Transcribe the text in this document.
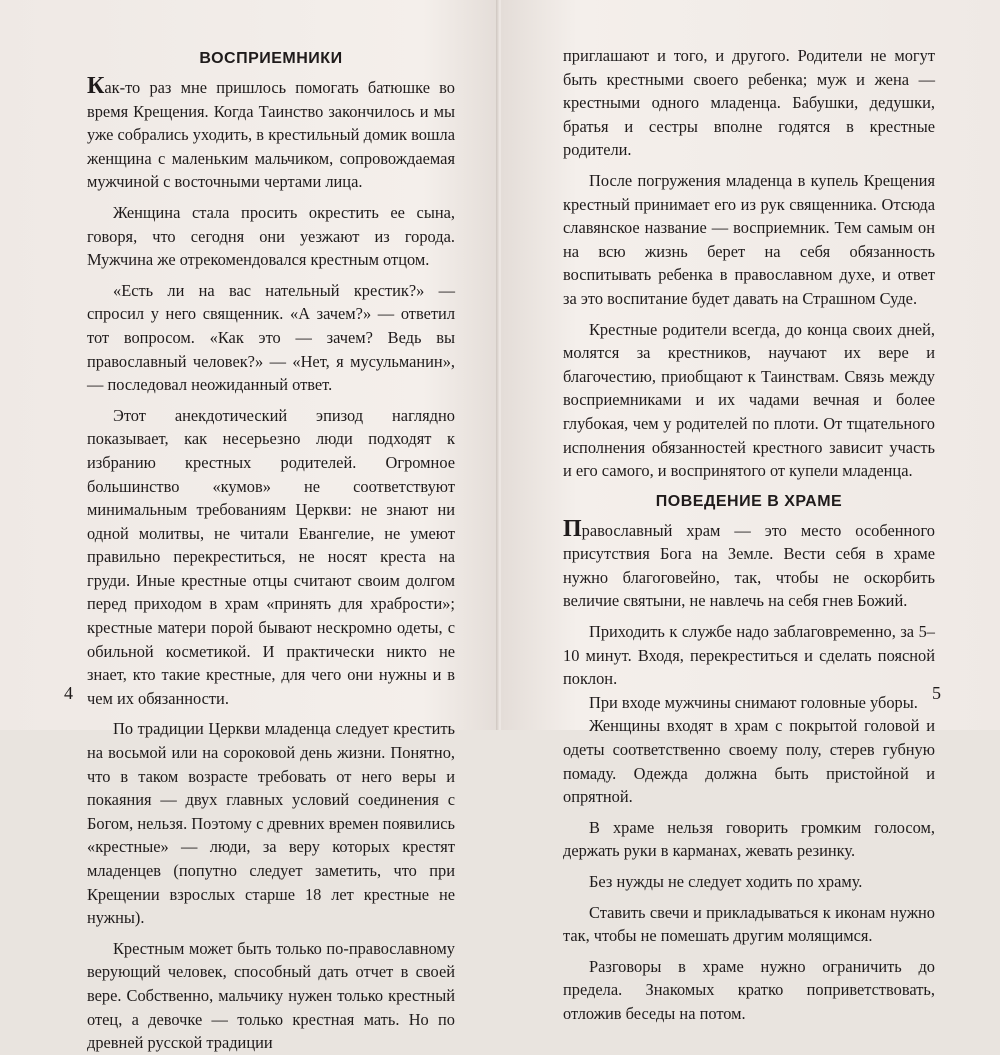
ВОСПРИЕМНИКИ

Как-то раз мне пришлось помогать батюшке во время Крещения. Когда Таинство закончилось и мы уже собрались уходить, в крестильный домик вошла женщина с маленьким мальчиком, сопровождаемая мужчиной с восточными чертами лица.

Женщина стала просить окрестить ее сына, говоря, что сегодня они уезжают из города. Мужчина же отрекомендовался крестным отцом.

«Есть ли на вас нательный крестик?» — спросил у него священник. «А зачем?» — ответил тот вопросом. «Как это — зачем? Ведь вы православный человек?» — «Нет, я мусульманин», — последовал неожиданный ответ.

Этот анекдотический эпизод наглядно показывает, как несерьезно люди подходят к избранию крестных родителей. Огромное большинство «кумов» не соответствуют минимальным требованиям Церкви: не знают ни одной молитвы, не читали Евангелие, не умеют правильно перекреститься, не носят креста на груди. Иные крестные отцы считают своим долгом перед приходом в храм «принять для храбрости»; крестные матери порой бывают нескромно одеты, с обильной косметикой. И практически никто не знает, кто такие крестные, для чего они нужны и в чем их обязанности.

По традиции Церкви младенца следует крестить на восьмой или на сороковой день жизни. Понятно, что в таком возрасте требовать от него веры и покаяния — двух главных условий соединения с Богом, нельзя. Поэтому с древних времен появились «крестные» — люди, за веру которых крестят младенцев (попутно следует заметить, что при Крещении взрослых старше 18 лет крестные не нужны).

Крестным может быть только по-православному верующий человек, способный дать отчет в своей вере. Собственно, мальчику нужен только крестный отец, а девочке — только крестная мать. Но по древней русской традиции

4

приглашают и того, и другого. Родители не могут быть крестными своего ребенка; муж и жена — крестными одного младенца. Бабушки, дедушки, братья и сестры вполне годятся в крестные родители.

После погружения младенца в купель Крещения крестный принимает его из рук священника. Отсюда славянское название — восприемник. Тем самым он на всю жизнь берет на себя обязанность воспитывать ребенка в православном духе, и ответ за это воспитание будет давать на Страшном Суде.

Крестные родители всегда, до конца своих дней, молятся за крестников, научают их вере и благочестию, приобщают к Таинствам. Связь между восприемниками и их чадами вечная и более глубокая, чем у родителей по плоти. От тщательного исполнения обязанностей крестного зависит участь и его самого, и воспринятого от купели младенца.

ПОВЕДЕНИЕ В ХРАМЕ

Православный храм — это место особенного присутствия Бога на Земле. Вести себя в храме нужно благоговейно, так, чтобы не оскорбить величие святыни, не навлечь на себя гнев Божий.

Приходить к службе надо заблаговременно, за 5–10 минут. Входя, перекреститься и сделать поясной поклон.

При входе мужчины снимают головные уборы.

Женщины входят в храм с покрытой головой и одеты соответственно своему полу, стерев губную помаду. Одежда должна быть пристойной и опрятной.

В храме нельзя говорить громким голосом, держать руки в карманах, жевать резинку.

Без нужды не следует ходить по храму.

Ставить свечи и прикладываться к иконам нужно так, чтобы не помешать другим молящимся.

Разговоры в храме нужно ограничить до предела. Знакомых кратко поприветствовать, отложив беседы на потом.

5
